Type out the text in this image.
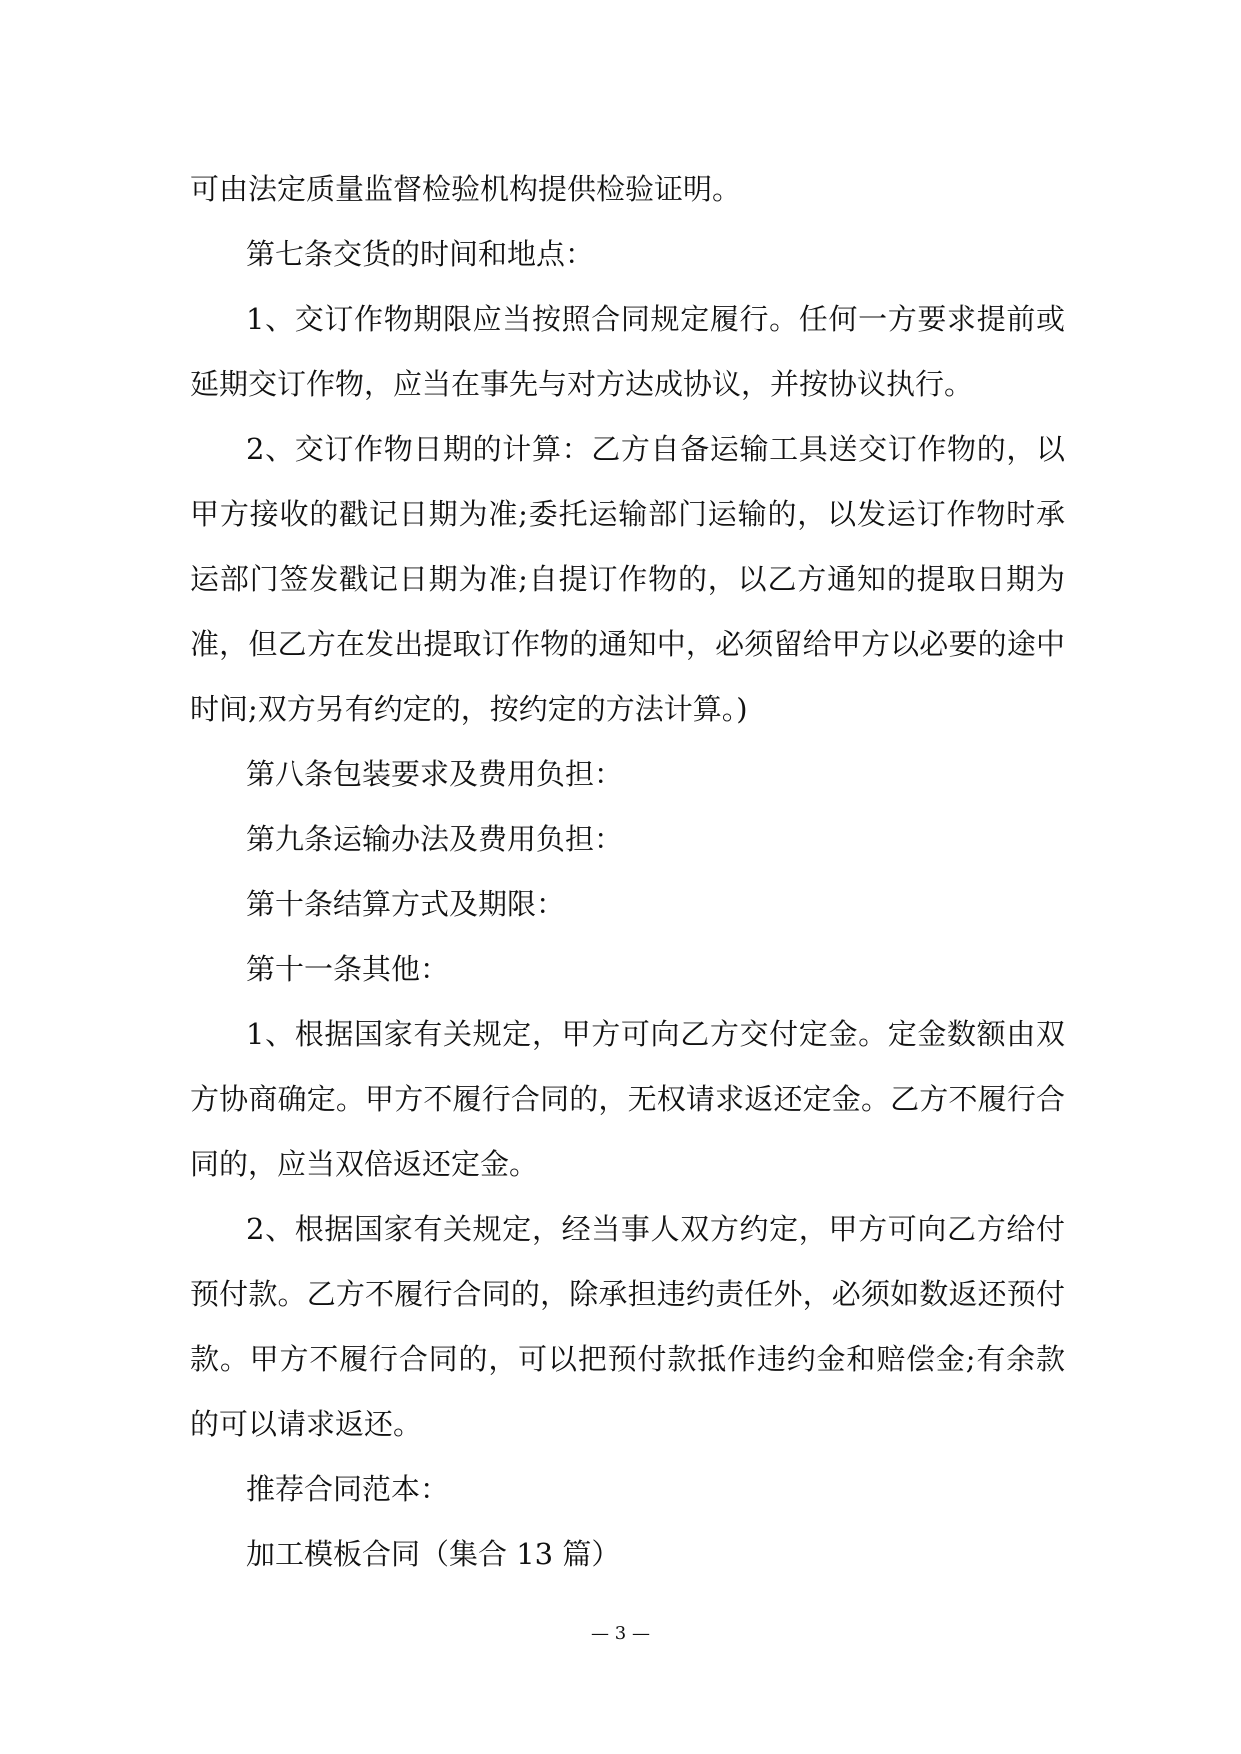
可由法定质量监督检验机构提供检验证明。
第七条交货的时间和地点：
1、交订作物期限应当按照合同规定履行。任何一方要求提前或
延期交订作物，应当在事先与对方达成协议，并按协议执行。
2、交订作物日期的计算：乙方自备运输工具送交订作物的，以
甲方接收的戳记日期为准;委托运输部门运输的，以发运订作物时承
运部门签发戳记日期为准;自提订作物的，以乙方通知的提取日期为
准，但乙方在发出提取订作物的通知中，必须留给甲方以必要的途中
时间;双方另有约定的，按约定的方法计算。)
第八条包装要求及费用负担：
第九条运输办法及费用负担：
第十条结算方式及期限：
第十一条其他：
1、根据国家有关规定，甲方可向乙方交付定金。定金数额由双
方协商确定。甲方不履行合同的，无权请求返还定金。乙方不履行合
同的，应当双倍返还定金。
2、根据国家有关规定，经当事人双方约定，甲方可向乙方给付
预付款。乙方不履行合同的，除承担违约责任外，必须如数返还预付
款。甲方不履行合同的，可以把预付款抵作违约金和赔偿金;有余款
的可以请求返还。
推荐合同范本：
加工模板合同（集合 13 篇）
— 3 —
